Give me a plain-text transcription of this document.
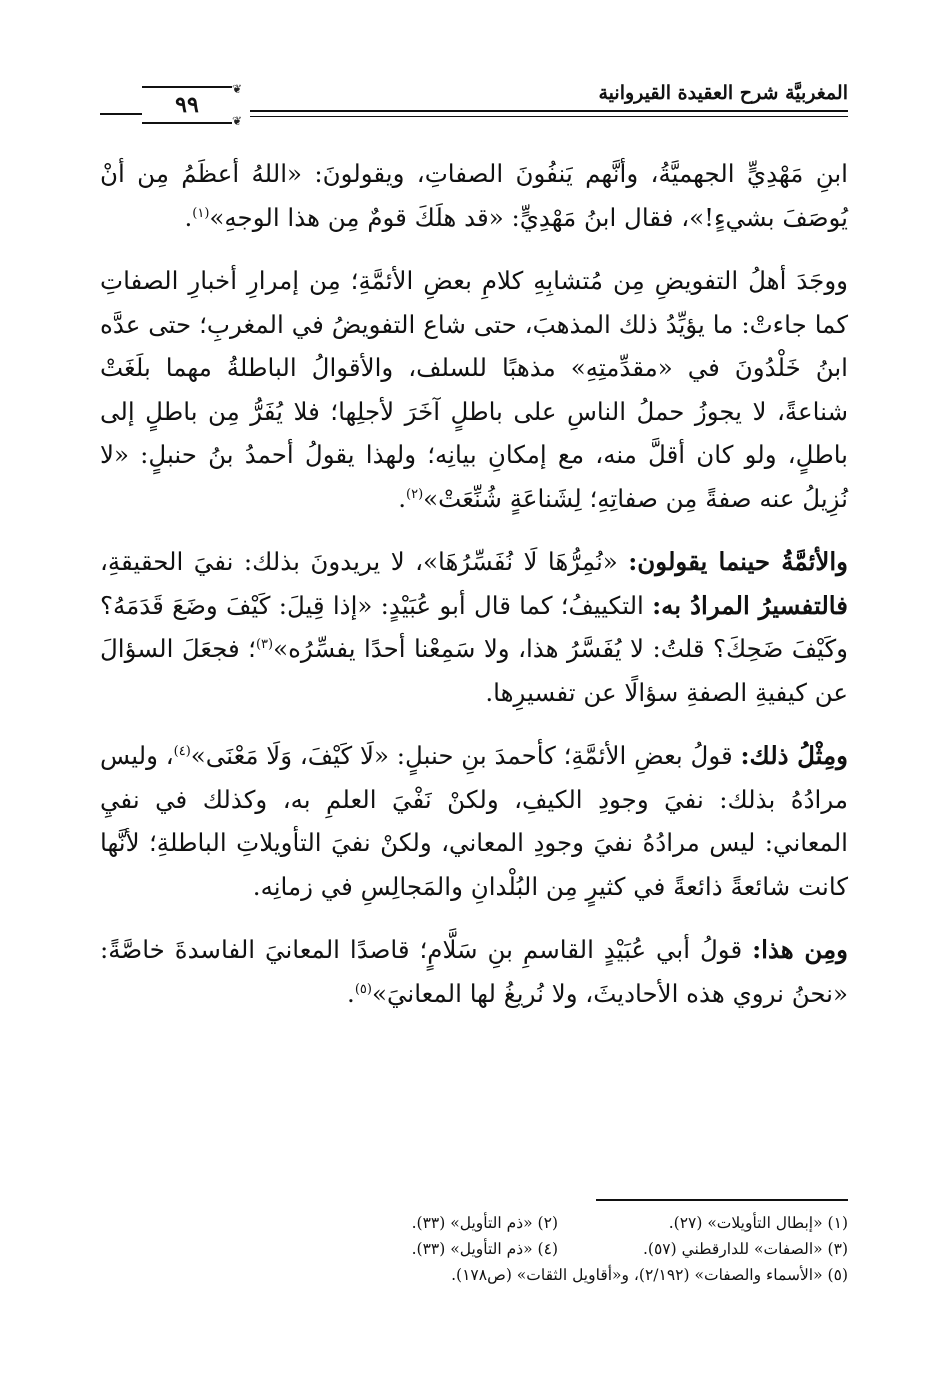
المغربيَّة شرح العقيدة القيروانية
❦
❦
٩٩

ابنِ مَهْدِيٍّ الجهميَّةُ، وأنَّهم يَنفُونَ الصفاتِ، ويقولونَ: «اللهُ أعظَمُ مِن أنْ يُوصَفَ بشيءٍ!»، فقال ابنُ مَهْدِيٍّ: «قد هلَكَ قومٌ مِن هذا الوجهِ»$^{(١)}$.

ووجَدَ أهلُ التفويضِ مِن مُتشابِهِ كلامِ بعضِ الأئمَّةِ؛ مِن إمرارِ أخبارِ الصفاتِ كما جاءتْ: ما يؤيِّدُ ذلك المذهبَ، حتى شاع التفويضُ في المغربِ؛ حتى عدَّه ابنُ خَلْدُونَ في «مقدِّمتِهِ» مذهبًا للسلف، والأقوالُ الباطلةُ مهما بلَغَتْ شناعةً، لا يجوزُ حملُ الناسِ على باطلٍ آخَرَ لأجلِها؛ فلا يُفَرُّ مِن باطلٍ إلى باطلٍ، ولو كان أقلَّ منه، مع إمكانِ بيانِه؛ ولهذا يقولُ أحمدُ بنُ حنبلٍ: «لا نُزِيلُ عنه صفةً مِن صفاتِهِ؛ لِشَناعَةٍ شُنِّعَتْ»$^{(٢)}$.

والأئمَّةُ حينما يقولون: «نُمِرُّهَا لَا نُفَسِّرُهَا»، لا يريدونَ بذلك: نفيَ الحقيقةِ، فالتفسيرُ المرادُ به: التكييفُ؛ كما قال أبو عُبَيْدٍ: «إذا قِيلَ: كَيْفَ وضَعَ قَدَمَهُ؟ وكَيْفَ ضَحِكَ؟ قلتُ: لا يُفَسَّرُ هذا، ولا سَمِعْنا أحدًا يفسِّرُه»$^{(٣)}$؛ فجعَلَ السؤالَ عن كيفيةِ الصفةِ سؤالًا عن تفسيرِها.

ومِثْلُ ذلك: قولُ بعضِ الأئمَّةِ؛ كأحمدَ بنِ حنبلٍ: «لَا كَيْفَ، وَلَا مَعْنَى»$^{(٤)}$، وليس مرادُهُ بذلك: نفيَ وجودِ الكيفِ، ولكنْ نَفْيَ العلمِ به، وكذلك في نفيِ المعاني: ليس مرادُهُ نفيَ وجودِ المعاني، ولكنْ نفيَ التأويلاتِ الباطلةِ؛ لأنَّها كانت شائعةً ذائعةً في كثيرٍ مِن البُلْدانِ والمَجالِسِ في زمانِه.

ومِن هذا: قولُ أبي عُبَيْدٍ القاسمِ بنِ سَلَّامٍ؛ قاصدًا المعانيَ الفاسدةَ خاصَّةً: «نحنُ نروي هذه الأحاديثَ، ولا نُريغُ لها المعانيَ»$^{(٥)}$.

(١) «إبطال التأويلات» (٢٧).
(٢) «ذم التأويل» (٣٣).
(٣) «الصفات» للدارقطني (٥٧).
(٤) «ذم التأويل» (٣٣).
(٥) «الأسماء والصفات» (٢/١٩٢)، و«أقاويل الثقات» (ص١٧٨).
